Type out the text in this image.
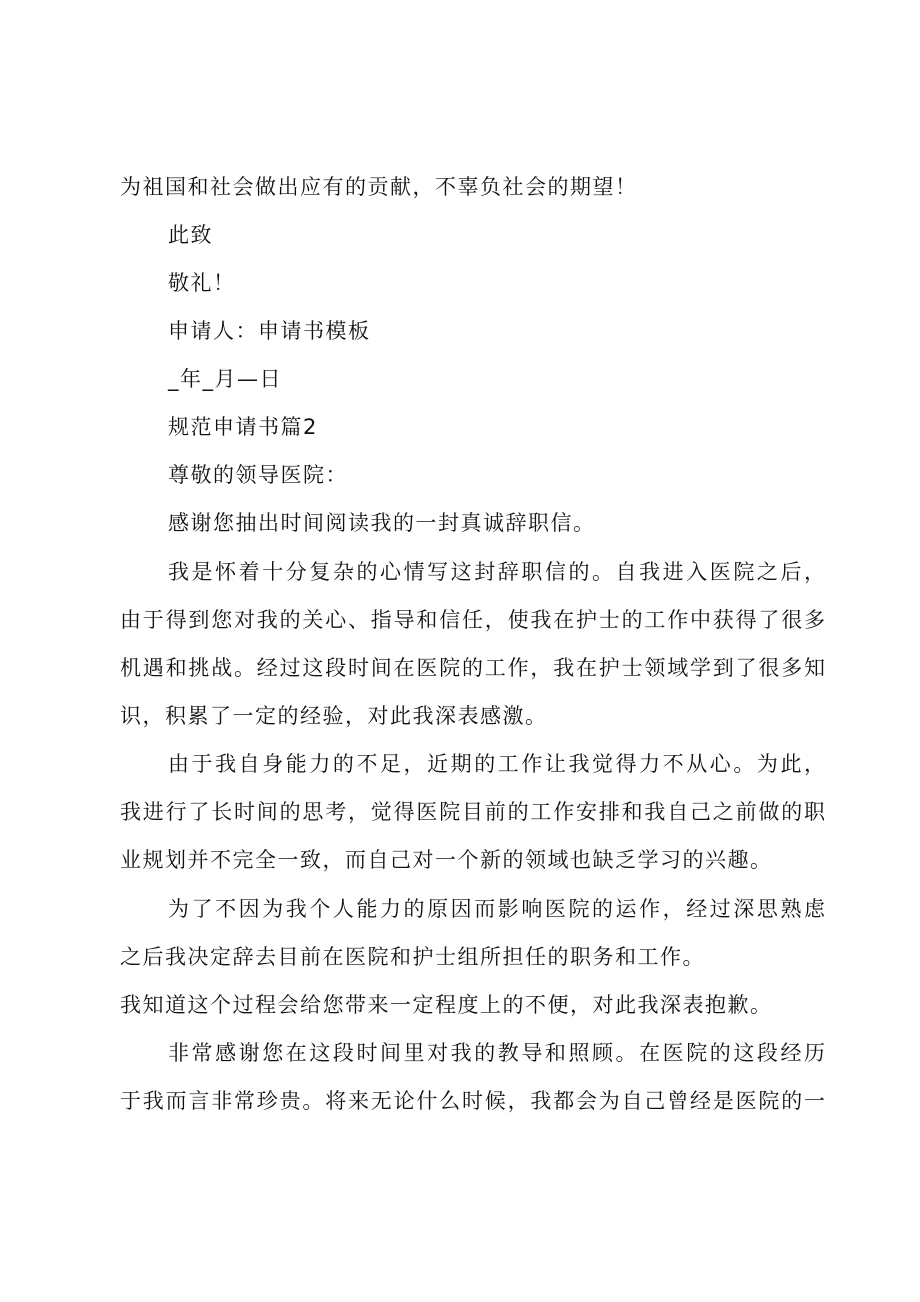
为祖国和社会做出应有的贡献，不辜负社会的期望！
此致
敬礼！
申请人：申请书模板
_年_月—日
规范申请书篇2
尊敬的领导医院：
感谢您抽出时间阅读我的一封真诚辞职信。
我是怀着十分复杂的心情写这封辞职信的。自我进入医院之后，
由于得到您对我的关心、指导和信任，使我在护士的工作中获得了很多
机遇和挑战。经过这段时间在医院的工作，我在护士领域学到了很多知
识，积累了一定的经验，对此我深表感激。
由于我自身能力的不足，近期的工作让我觉得力不从心。为此，
我进行了长时间的思考，觉得医院目前的工作安排和我自己之前做的职
业规划并不完全一致，而自己对一个新的领域也缺乏学习的兴趣。
为了不因为我个人能力的原因而影响医院的运作，经过深思熟虑
之后我决定辞去目前在医院和护士组所担任的职务和工作。
我知道这个过程会给您带来一定程度上的不便，对此我深表抱歉。
非常感谢您在这段时间里对我的教导和照顾。在医院的这段经历
于我而言非常珍贵。将来无论什么时候，我都会为自己曾经是医院的一
